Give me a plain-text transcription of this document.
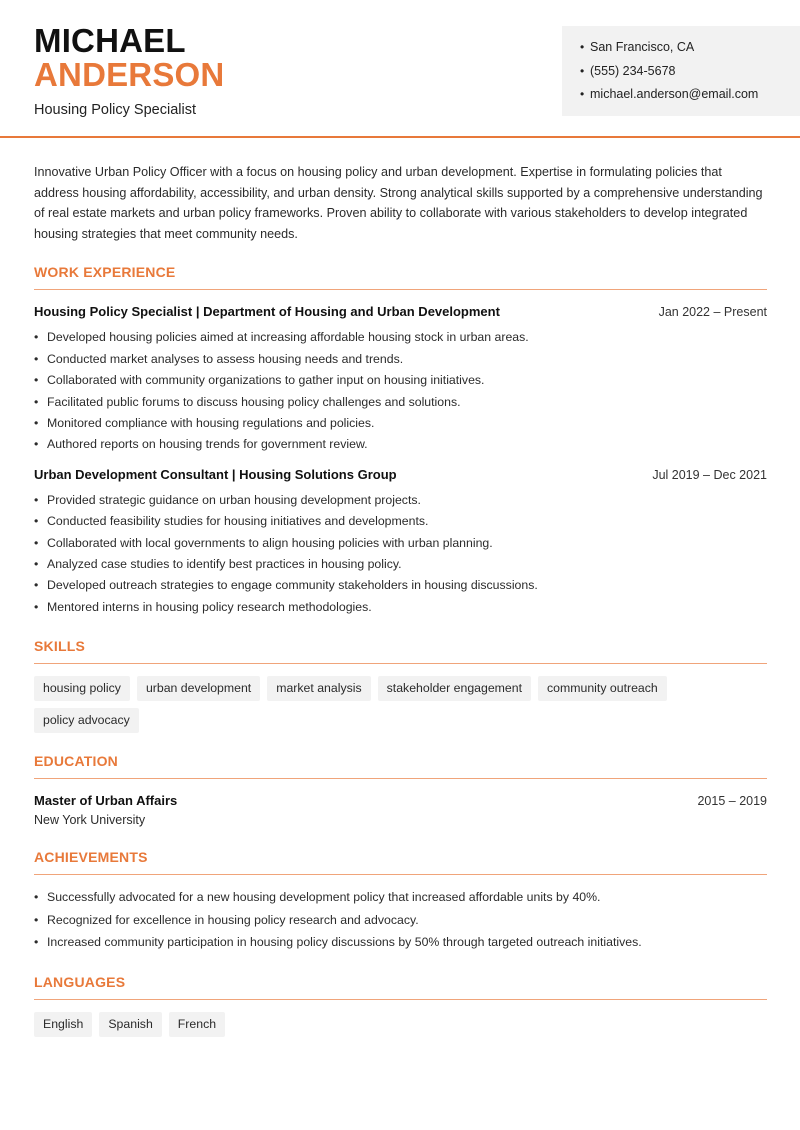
MICHAEL
ANDERSON
Housing Policy Specialist
• San Francisco, CA
• (555) 234-5678
• michael.anderson@email.com

Innovative Urban Policy Officer with a focus on housing policy and urban development. Expertise in formulating policies that address housing affordability, accessibility, and urban density. Strong analytical skills supported by a comprehensive understanding of real estate markets and urban policy frameworks. Proven ability to collaborate with various stakeholders to develop integrated housing strategies that meet community needs.

WORK EXPERIENCE
Housing Policy Specialist | Department of Housing and Urban Development	Jan 2022 – Present
• Developed housing policies aimed at increasing affordable housing stock in urban areas.
• Conducted market analyses to assess housing needs and trends.
• Collaborated with community organizations to gather input on housing initiatives.
• Facilitated public forums to discuss housing policy challenges and solutions.
• Monitored compliance with housing regulations and policies.
• Authored reports on housing trends for government review.
Urban Development Consultant | Housing Solutions Group	Jul 2019 – Dec 2021
• Provided strategic guidance on urban housing development projects.
• Conducted feasibility studies for housing initiatives and developments.
• Collaborated with local governments to align housing policies with urban planning.
• Analyzed case studies to identify best practices in housing policy.
• Developed outreach strategies to engage community stakeholders in housing discussions.
• Mentored interns in housing policy research methodologies.
SKILLS
housing policy	urban development	market analysis	stakeholder engagement	community outreach
policy advocacy
EDUCATION
Master of Urban Affairs	2015 – 2019
New York University
ACHIEVEMENTS
• Successfully advocated for a new housing development policy that increased affordable units by 40%.
• Recognized for excellence in housing policy research and advocacy.
• Increased community participation in housing policy discussions by 50% through targeted outreach initiatives.
LANGUAGES
English	Spanish	French
